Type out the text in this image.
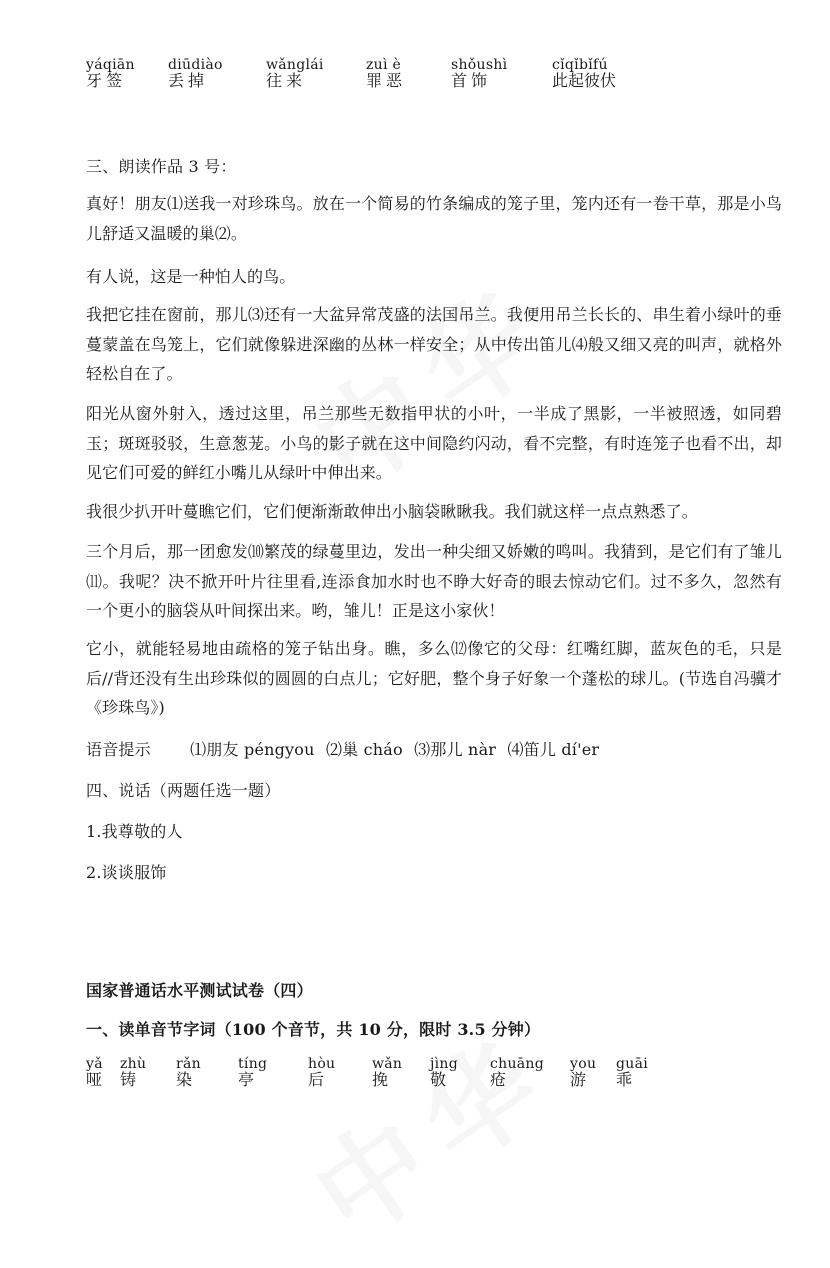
yáqiān
牙签
diūdiào
丢掉
wǎnglái
往来
zuì è
罪恶
shǒushì
首饰
cǐqǐbǐfú
此起彼伏
三、朗读作品 3 号：
真好！朋友⑴送我一对珍珠鸟。放在一个简易的竹条编成的笼子里，笼内还有一卷干草，那是小鸟儿舒适又温暖的巢⑵。
有人说，这是一种怕人的鸟。
我把它挂在窗前，那儿⑶还有一大盆异常茂盛的法国吊兰。我便用吊兰长长的、串生着小绿叶的垂蔓蒙盖在鸟笼上，它们就像躲进深幽的丛林一样安全；从中传出笛儿⑷般又细又亮的叫声，就格外轻松自在了。
阳光从窗外射入，透过这里，吊兰那些无数指甲状的小叶，一半成了黑影，一半被照透，如同碧玉；斑斑驳驳，生意葱茏。小鸟的影子就在这中间隐约闪动，看不完整，有时连笼子也看不出，却见它们可爱的鲜红小嘴儿从绿叶中伸出来。
我很少扒开叶蔓瞧它们，它们便渐渐敢伸出小脑袋瞅瞅我。我们就这样一点点熟悉了。
三个月后，那一团愈发⑽繁茂的绿蔓里边，发出一种尖细又娇嫩的鸣叫。我猜到，是它们有了雏儿⑾。我呢？决不掀开叶片往里看,连添食加水时也不睁大好奇的眼去惊动它们。过不多久，忽然有一个更小的脑袋从叶间探出来。哟，雏儿！正是这小家伙！
它小，就能轻易地由疏格的笼子钻出身。瞧，多么⑿像它的父母：红嘴红脚，蓝灰色的毛，只是后//背还没有生出珍珠似的圆圆的白点儿；它好肥，整个身子好象一个蓬松的球儿。(节选自冯骥才《珍珠鸟》)
语音提示 ⑴朋友 péngyou ⑵巢 cháo ⑶那儿 nàr ⑷笛儿 dí'er
四、说话（两题任选一题）
1.我尊敬的人
2.谈谈服饰
国家普通话水平测试试卷（四）
一、读单音节字词（100 个音节，共 10 分，限时 3.5 分钟）
yǎ
哑
zhù
铸
rǎn
染
tíng
亭
hòu
后
wǎn
挽
jìng
敬
chuāng
疮
you
游
guāi
乖
